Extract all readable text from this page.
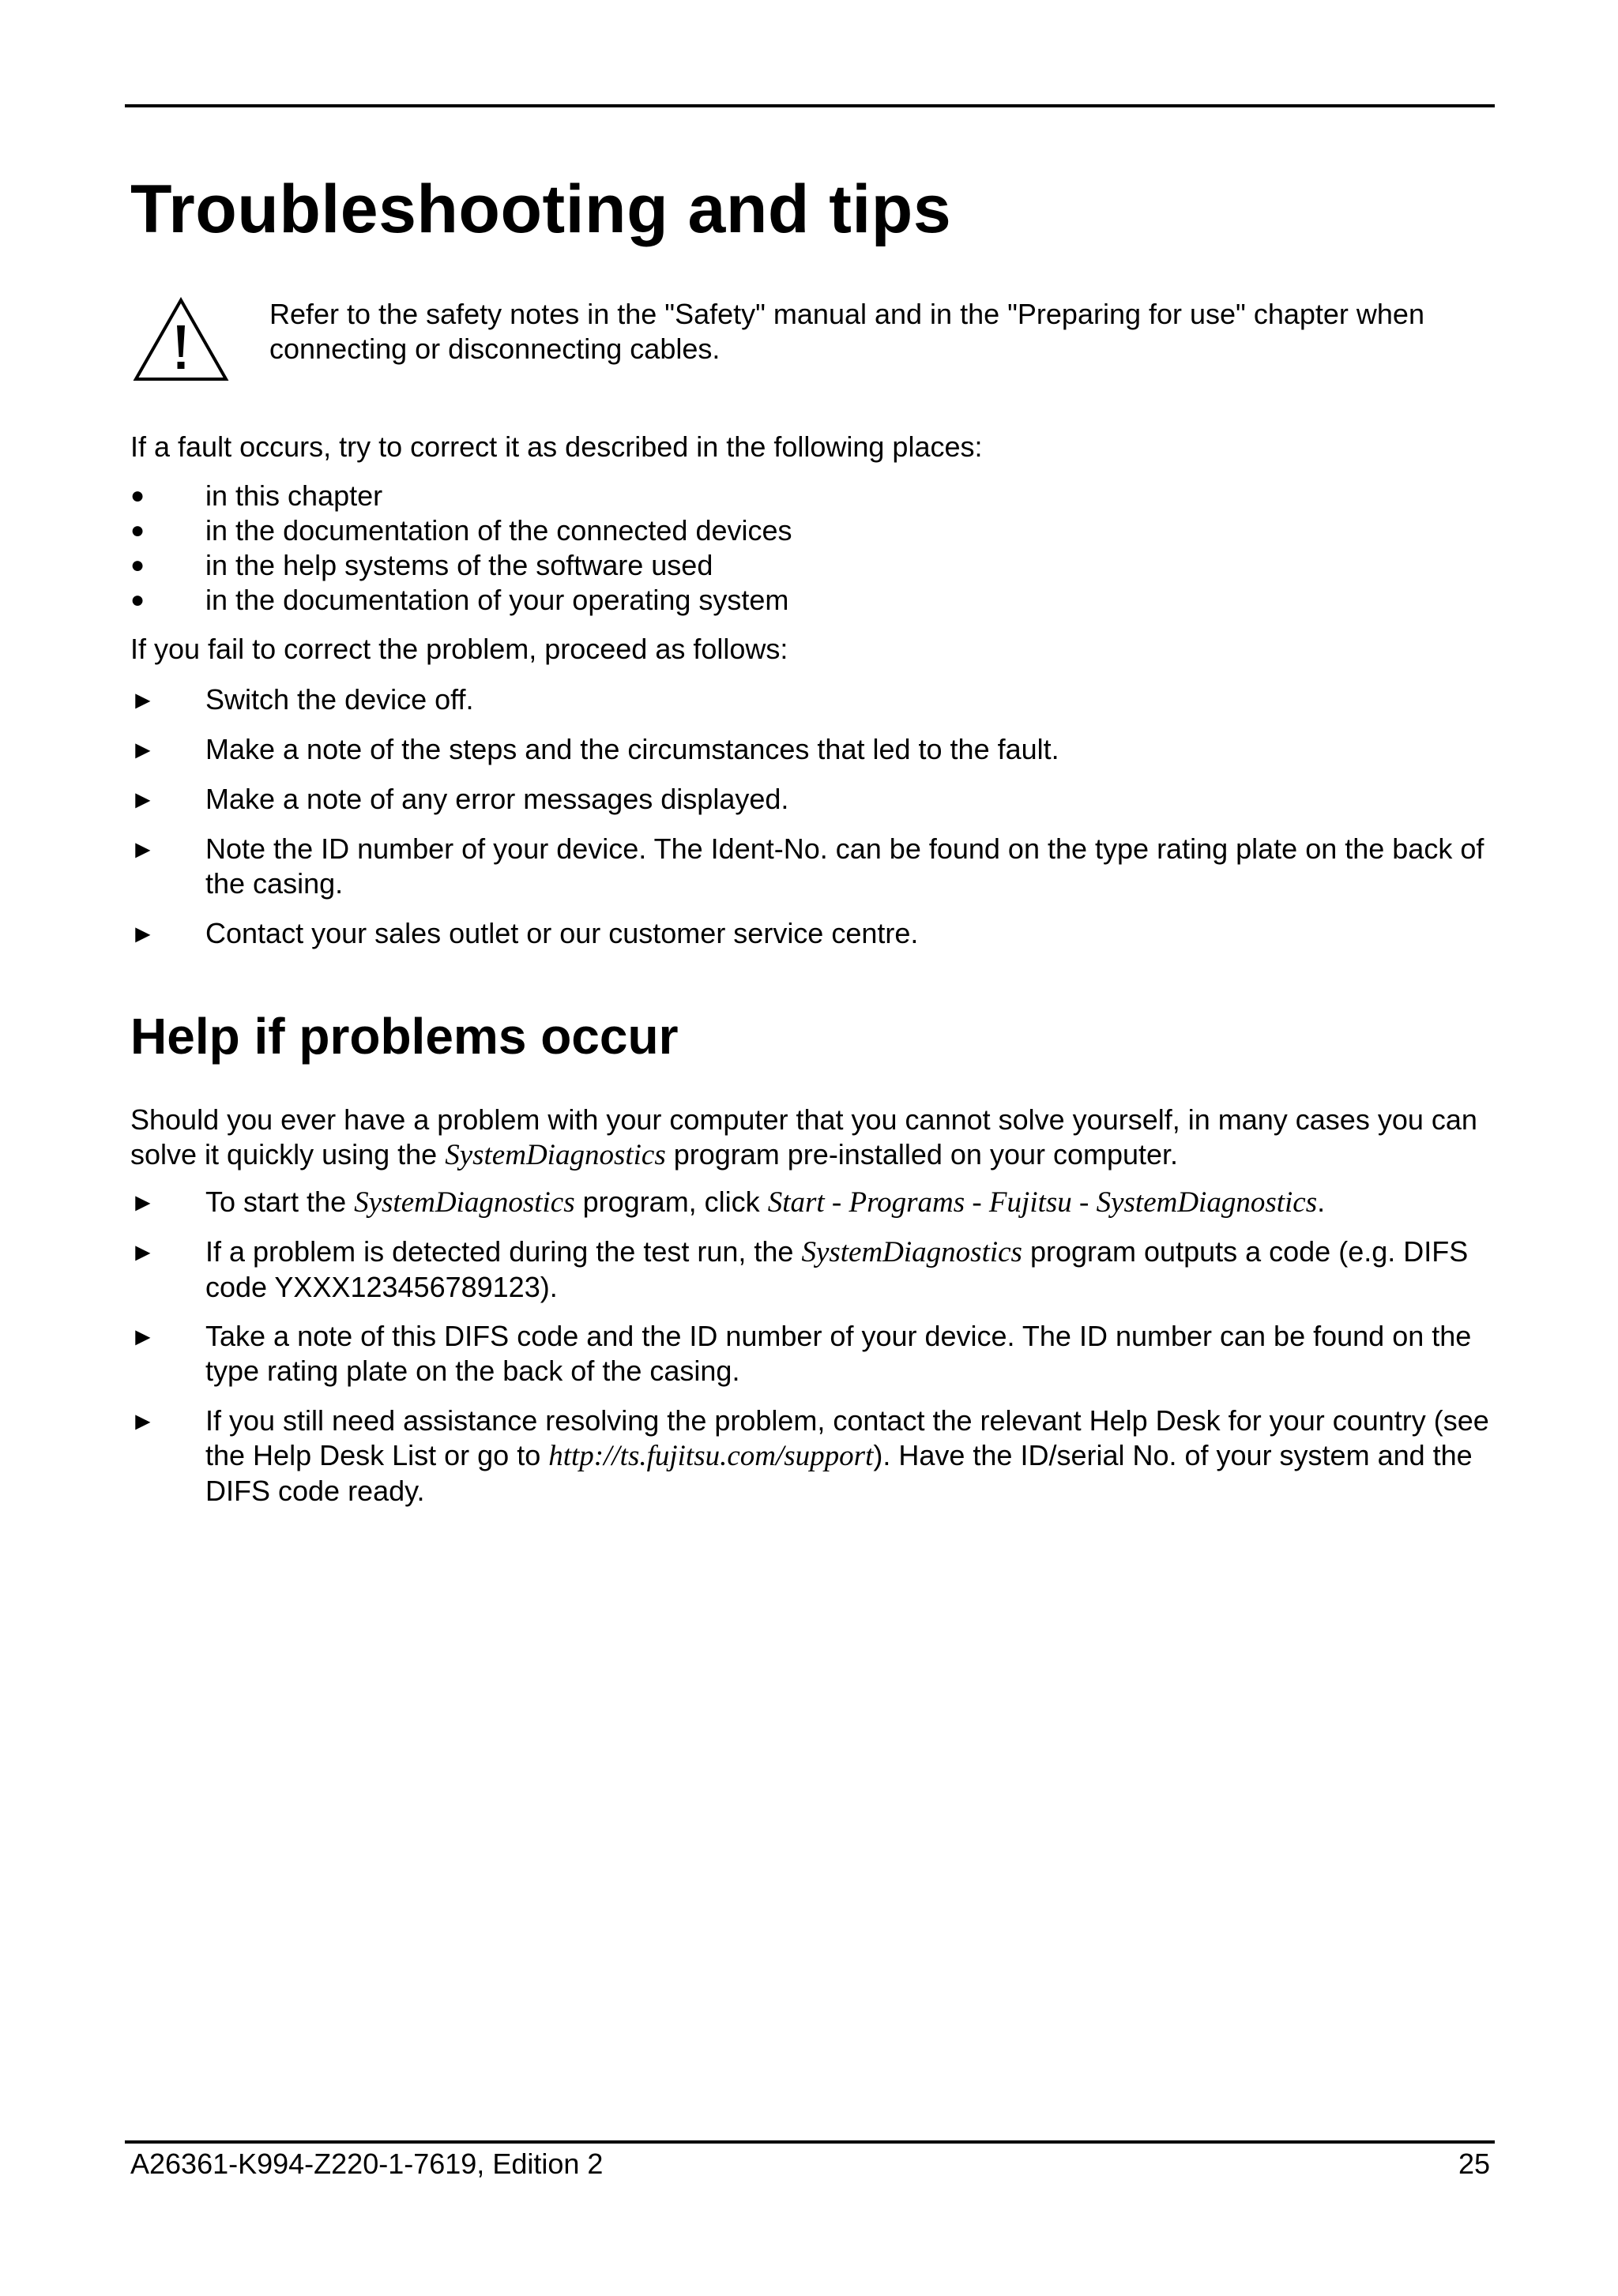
Troubleshooting and tips

Refer to the safety notes in the "Safety" manual and in the "Preparing for use" chapter when connecting or disconnecting cables.

If a fault occurs, try to correct it as described in the following places:

●	in this chapter
●	in the documentation of the connected devices
●	in the help systems of the software used
●	in the documentation of your operating system

If you fail to correct the problem, proceed as follows:

►	Switch the device off.
►	Make a note of the steps and the circumstances that led to the fault.
►	Make a note of any error messages displayed.
►	Note the ID number of your device. The Ident-No. can be found on the type rating plate on the back of the casing.
►	Contact your sales outlet or our customer service centre.
Help if problems occur

Should you ever have a problem with your computer that you cannot solve yourself, in many cases you can solve it quickly using the SystemDiagnostics program pre-installed on your computer.

►	To start the SystemDiagnostics program, click Start - Programs - Fujitsu - SystemDiagnostics.
►	If a problem is detected during the test run, the SystemDiagnostics program outputs a code (e.g. DIFS code YXXX123456789123).
►	Take a note of this DIFS code and the ID number of your device. The ID number can be found on the type rating plate on the back of the casing.
►	If you still need assistance resolving the problem, contact the relevant Help Desk for your country (see the Help Desk List or go to http://ts.fujitsu.com/support). Have the ID/serial No. of your system and the DIFS code ready.
A26361-K994-Z220-1-7619, Edition 2	25
